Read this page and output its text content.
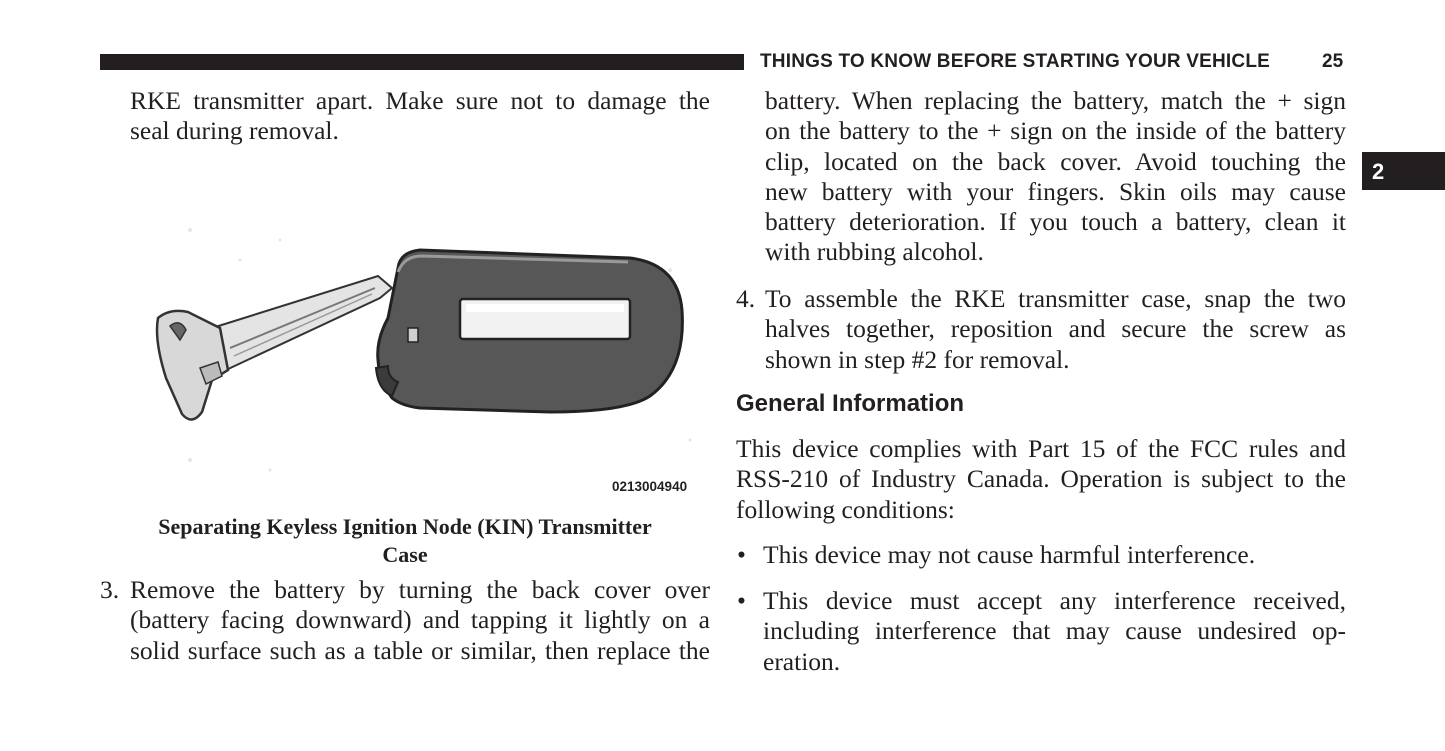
THINGS TO KNOW BEFORE STARTING YOUR VEHICLE	25
2
RKE transmitter apart. Make sure not to damage the
seal during removal.
0213004940
Separating Keyless Ignition Node (KIN) Transmitter
Case
3. Remove the battery by turning the back cover over
(battery facing downward) and tapping it lightly on a
solid surface such as a table or similar, then replace the
battery. When replacing the battery, match the + sign
on the battery to the + sign on the inside of the battery
clip, located on the back cover. Avoid touching the
new battery with your fingers. Skin oils may cause
battery deterioration. If you touch a battery, clean it
with rubbing alcohol.
4. To assemble the RKE transmitter case, snap the two
halves together, reposition and secure the screw as
shown in step #2 for removal.
General Information
This device complies with Part 15 of the FCC rules and
RSS-210 of Industry Canada. Operation is subject to the
following conditions:
• This device may not cause harmful interference.
• This device must accept any interference received,
including interference that may cause undesired op-
eration.
